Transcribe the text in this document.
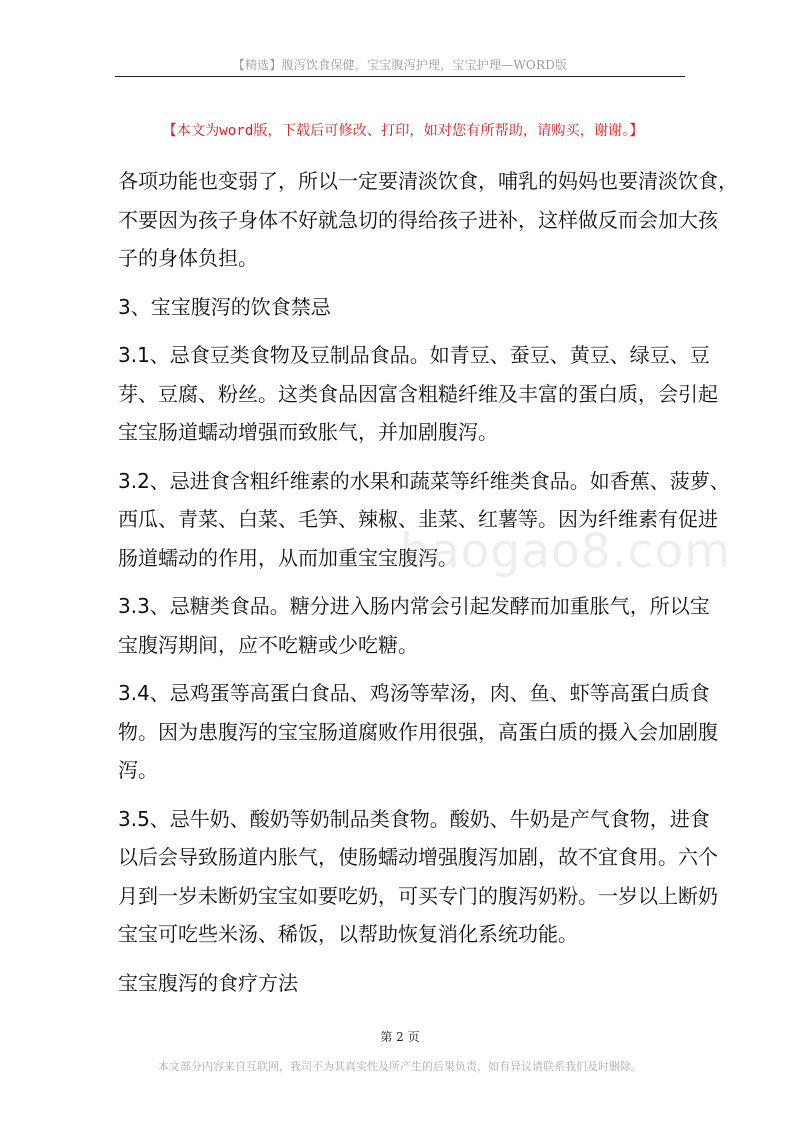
【精选】腹泻饮食保健，宝宝腹泻护理，宝宝护理—WORD版
【本文为word版，下载后可修改、打印，如对您有所帮助，请购买，谢谢。】

各项功能也变弱了，所以一定要清淡饮食，哺乳的妈妈也要清淡饮食，
不要因为孩子身体不好就急切的得给孩子进补，这样做反而会加大孩
子的身体负担。

3、宝宝腹泻的饮食禁忌

3.1、忌食豆类食物及豆制品食品。如青豆、蚕豆、黄豆、绿豆、豆
芽、豆腐、粉丝。这类食品因富含粗糙纤维及丰富的蛋白质，会引起
宝宝肠道蠕动增强而致胀气，并加剧腹泻。

3.2、忌进食含粗纤维素的水果和蔬菜等纤维类食品。如香蕉、菠萝、
西瓜、青菜、白菜、毛笋、辣椒、韭菜、红薯等。因为纤维素有促进
肠道蠕动的作用，从而加重宝宝腹泻。

3.3、忌糖类食品。糖分进入肠内常会引起发酵而加重胀气，所以宝
宝腹泻期间，应不吃糖或少吃糖。

3.4、忌鸡蛋等高蛋白食品、鸡汤等荤汤，肉、鱼、虾等高蛋白质食
物。因为患腹泻的宝宝肠道腐败作用很强，高蛋白质的摄入会加剧腹
泻。

3.5、忌牛奶、酸奶等奶制品类食物。酸奶、牛奶是产气食物，进食
以后会导致肠道内胀气，使肠蠕动增强腹泻加剧，故不宜食用。六个
月到一岁未断奶宝宝如要吃奶，可买专门的腹泻奶粉。一岁以上断奶
宝宝可吃些米汤、稀饭，以帮助恢复消化系统功能。

宝宝腹泻的食疗方法

baogao8.com
第 2 页
本文部分内容来自互联网，我司不为其真实性及所产生的后果负责，如有异议请联系我们及时删除。
